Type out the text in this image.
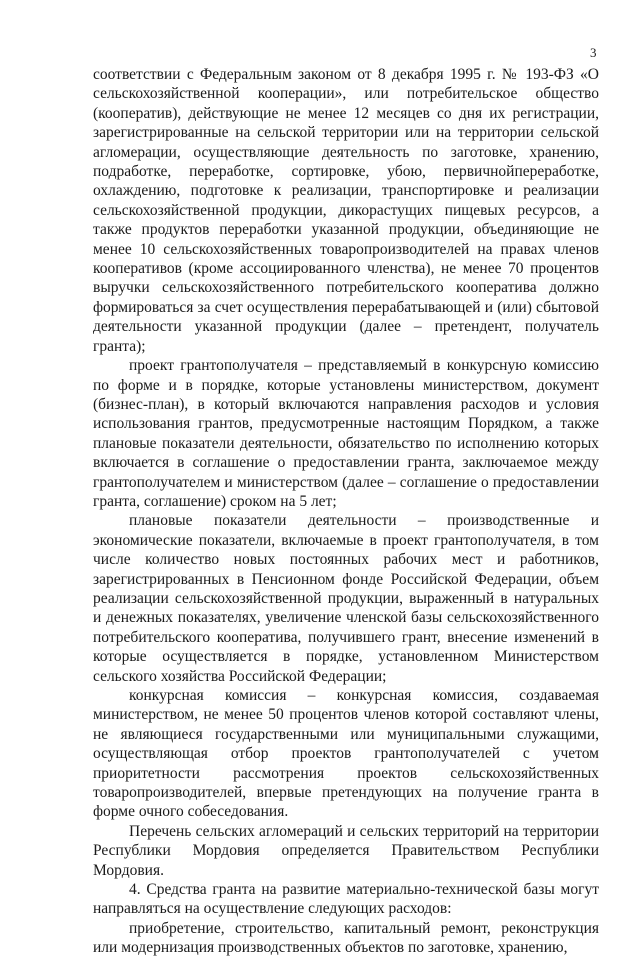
3

соответствии с Федеральным законом от 8 декабря 1995 г. № 193-ФЗ «О сельскохозяйственной кооперации», или потребительское общество (кооператив), действующие не менее 12 месяцев со дня их регистрации, зарегистрированные на сельской территории или на территории сельской агломерации, осуществляющие деятельность по заготовке, хранению, подработке, переработке, сортировке, убою, первичнойпереработке, охлаждению, подготовке к реализации, транспортировке и реализации сельскохозяйственной продукции, дикорастущих пищевых ресурсов, а также продуктов переработки указанной продукции, объединяющие не менее 10 сельскохозяйственных товаропроизводителей на правах членов кооперативов (кроме ассоциированного членства), не менее 70 процентов выручки сельскохозяйственного потребительского кооператива должно формироваться за счет осуществления перерабатывающей и (или) сбытовой деятельности указанной продукции (далее – претендент, получатель гранта);

проект грантополучателя – представляемый в конкурсную комиссию по форме и в порядке, которые установлены министерством, документ (бизнес-план), в который включаются направления расходов и условия использования грантов, предусмотренные настоящим Порядком, а также плановые показатели деятельности, обязательство по исполнению которых включается в соглашение о предоставлении гранта, заключаемое между грантополучателем и министерством (далее – соглашение о предоставлении гранта, соглашение) сроком на 5 лет;

плановые показатели деятельности – производственные и экономические показатели, включаемые в проект грантополучателя, в том числе количество новых постоянных рабочих мест и работников, зарегистрированных в Пенсионном фонде Российской Федерации, объем реализации сельскохозяйственной продукции, выраженный в натуральных и денежных показателях, увеличение членской базы сельскохозяйственного потребительского кооператива, получившего грант, внесение изменений в которые осуществляется в порядке, установленном Министерством сельского хозяйства Российской Федерации;

конкурсная комиссия – конкурсная комиссия, создаваемая министерством, не менее 50 процентов членов которой составляют члены, не являющиеся государственными или муниципальными служащими, осуществляющая отбор проектов грантополучателей с учетом приоритетности рассмотрения проектов сельскохозяйственных товаропроизводителей, впервые претендующих на получение гранта в форме очного собеседования.

Перечень сельских агломераций и сельских территорий на территории Республики Мордовия определяется Правительством Республики Мордовия.

4. Средства гранта на развитие материально-технической базы могут направляться на осуществление следующих расходов:

приобретение, строительство, капитальный ремонт, реконструкция или модернизация производственных объектов по заготовке, хранению,
